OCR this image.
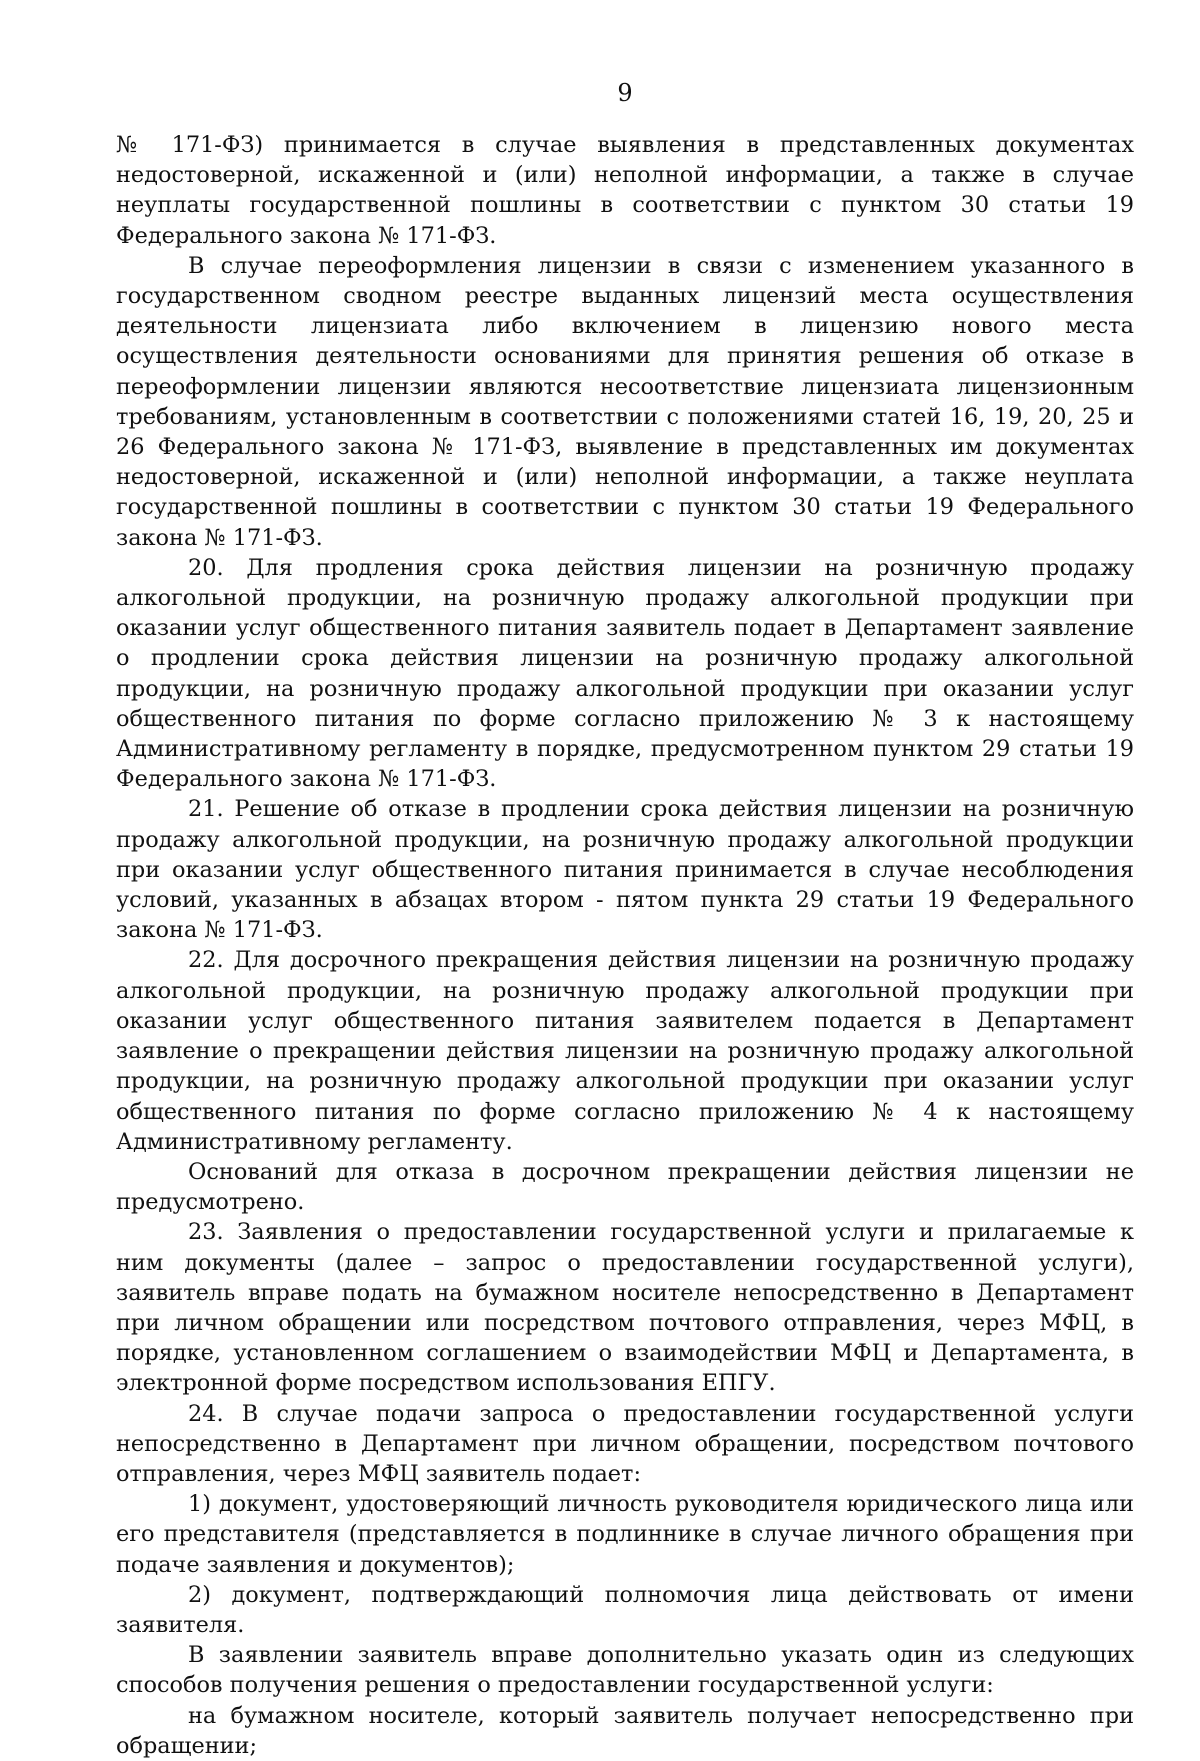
9

№ 171-ФЗ) принимается в случае выявления в представленных документах недостоверной, искаженной и (или) неполной информации, а также в случае неуплаты государственной пошлины в соответствии с пунктом 30 статьи 19 Федерального закона № 171-ФЗ.

В случае переоформления лицензии в связи с изменением указанного в государственном сводном реестре выданных лицензий места осуществления деятельности лицензиата либо включением в лицензию нового места осуществления деятельности основаниями для принятия решения об отказе в переоформлении лицензии являются несоответствие лицензиата лицензионным требованиям, установленным в соответствии с положениями статей 16, 19, 20, 25 и 26 Федерального закона № 171-ФЗ, выявление в представленных им документах недостоверной, искаженной и (или) неполной информации, а также неуплата государственной пошлины в соответствии с пунктом 30 статьи 19 Федерального закона № 171-ФЗ.

20. Для продления срока действия лицензии на розничную продажу алкогольной продукции, на розничную продажу алкогольной продукции при оказании услуг общественного питания заявитель подает в Департамент заявление о продлении срока действия лицензии на розничную продажу алкогольной продукции, на розничную продажу алкогольной продукции при оказании услуг общественного питания по форме согласно приложению № 3 к настоящему Административному регламенту в порядке, предусмотренном пунктом 29 статьи 19 Федерального закона № 171-ФЗ.

21. Решение об отказе в продлении срока действия лицензии на розничную продажу алкогольной продукции, на розничную продажу алкогольной продукции при оказании услуг общественного питания принимается в случае несоблюдения условий, указанных в абзацах втором - пятом пункта 29 статьи 19 Федерального закона № 171-ФЗ.

22. Для досрочного прекращения действия лицензии на розничную продажу алкогольной продукции, на розничную продажу алкогольной продукции при оказании услуг общественного питания заявителем подается в Департамент заявление о прекращении действия лицензии на розничную продажу алкогольной продукции, на розничную продажу алкогольной продукции при оказании услуг общественного питания по форме согласно приложению № 4 к настоящему Административному регламенту.

Оснований для отказа в досрочном прекращении действия лицензии не предусмотрено.

23. Заявления о предоставлении государственной услуги и прилагаемые к ним документы (далее – запрос о предоставлении государственной услуги), заявитель вправе подать на бумажном носителе непосредственно в Департамент при личном обращении или посредством почтового отправления, через МФЦ, в порядке, установленном соглашением о взаимодействии МФЦ и Департамента, в электронной форме посредством использования ЕПГУ.

24. В случае подачи запроса о предоставлении государственной услуги непосредственно в Департамент при личном обращении, посредством почтового отправления, через МФЦ заявитель подает:

1) документ, удостоверяющий личность руководителя юридического лица или его представителя (представляется в подлиннике в случае личного обращения при подаче заявления и документов);

2) документ, подтверждающий полномочия лица действовать от имени заявителя.

В заявлении заявитель вправе дополнительно указать один из следующих способов получения решения о предоставлении государственной услуги:

на бумажном носителе, который заявитель получает непосредственно при обращении;
